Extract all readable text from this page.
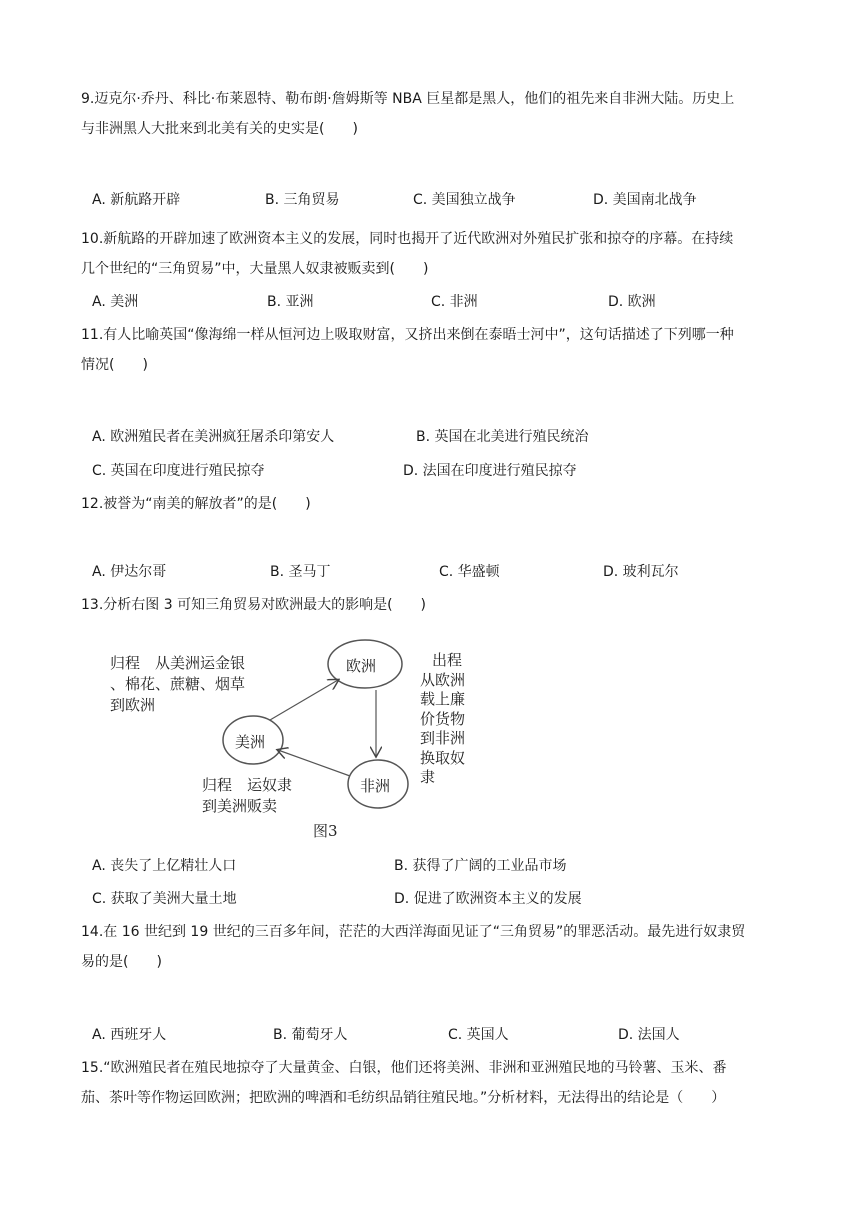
9.迈克尔·乔丹、科比·布莱恩特、勒布朗·詹姆斯等 NBA 巨星都是黑人，他们的祖先来自非洲大陆。历史上
与非洲黑人大批来到北美有关的史实是(　　)
A. 新航路开辟	B. 三角贸易	C. 美国独立战争	D. 美国南北战争
10.新航路的开辟加速了欧洲资本主义的发展，同时也揭开了近代欧洲对外殖民扩张和掠夺的序幕。在持续
几个世纪的“三角贸易”中，大量黑人奴隶被贩卖到(　　)
A. 美洲	B. 亚洲	C. 非洲	D. 欧洲
11.有人比喻英国“像海绵一样从恒河边上吸取财富，又挤出来倒在泰晤士河中”，这句话描述了下列哪一种
情况(　　)
A. 欧洲殖民者在美洲疯狂屠杀印第安人	B. 英国在北美进行殖民统治
C. 英国在印度进行殖民掠夺	D. 法国在印度进行殖民掠夺
12.被誉为“南美的解放者”的是(　　)
A. 伊达尔哥	B. 圣马丁	C. 华盛顿	D. 玻利瓦尔
13.分析右图 3 可知三角贸易对欧洲最大的影响是(　　)
欧洲
美洲
非洲
归程　从美洲运金银
、棉花、蔗糖、烟草
到欧洲
出程
从欧洲
载上廉
价货物
到非洲
换取奴
隶
归程　运奴隶
到美洲贩卖
图3
A. 丧失了上亿精壮人口	B. 获得了广阔的工业品市场
C. 获取了美洲大量土地	D. 促进了欧洲资本主义的发展
14.在 16 世纪到 19 世纪的三百多年间，茫茫的大西洋海面见证了“三角贸易”的罪恶活动。最先进行奴隶贸
易的是(　　)
A. 西班牙人	B. 葡萄牙人	C. 英国人	D. 法国人
15.“欧洲殖民者在殖民地掠夺了大量黄金、白银，他们还将美洲、非洲和亚洲殖民地的马铃薯、玉米、番
茄、茶叶等作物运回欧洲；把欧洲的啤酒和毛纺织品销往殖民地。”分析材料，无法得出的结论是（　　）
